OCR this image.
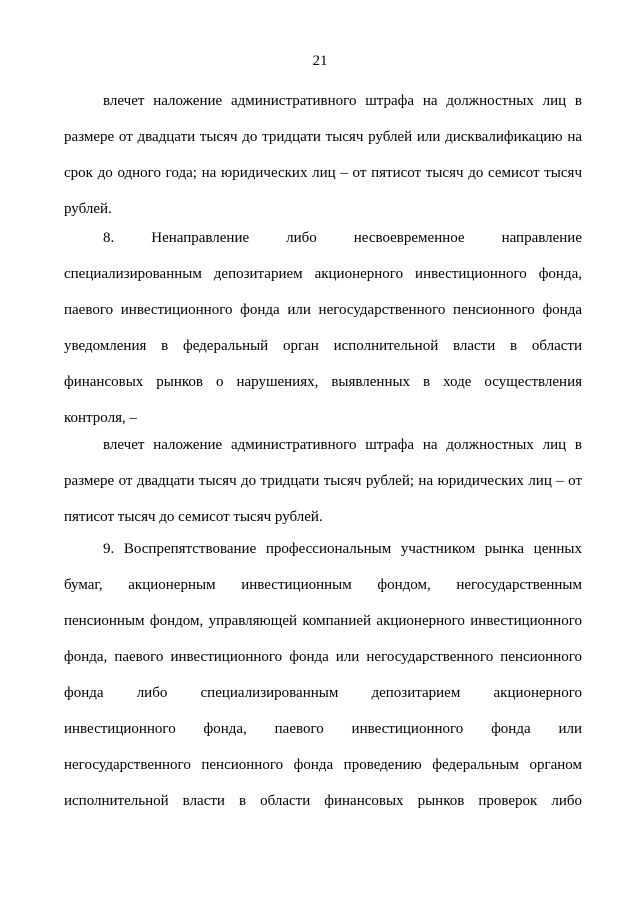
21
влечет наложение административного штрафа на должностных лиц в
размере от двадцати тысяч до тридцати тысяч рублей или дисквалификацию на
срок до одного года; на юридических лиц – от пятисот тысяч до семисот тысяч
рублей.
8. Ненаправление либо несвоевременное направление
специализированным депозитарием акционерного инвестиционного фонда,
паевого инвестиционного фонда или негосударственного пенсионного фонда
уведомления в федеральный орган исполнительной власти в области
финансовых рынков о нарушениях, выявленных в ходе осуществления
контроля, –
влечет наложение административного штрафа на должностных лиц в
размере от двадцати тысяч до тридцати тысяч рублей; на юридических лиц – от
пятисот тысяч до семисот тысяч рублей.
9. Воспрепятствование профессиональным участником рынка ценных
бумаг, акционерным инвестиционным фондом, негосударственным
пенсионным фондом, управляющей компанией акционерного инвестиционного
фонда, паевого инвестиционного фонда или негосударственного пенсионного
фонда либо специализированным депозитарием акционерного
инвестиционного фонда, паевого инвестиционного фонда или
негосударственного пенсионного фонда проведению федеральным органом
исполнительной власти в области финансовых рынков проверок либо
